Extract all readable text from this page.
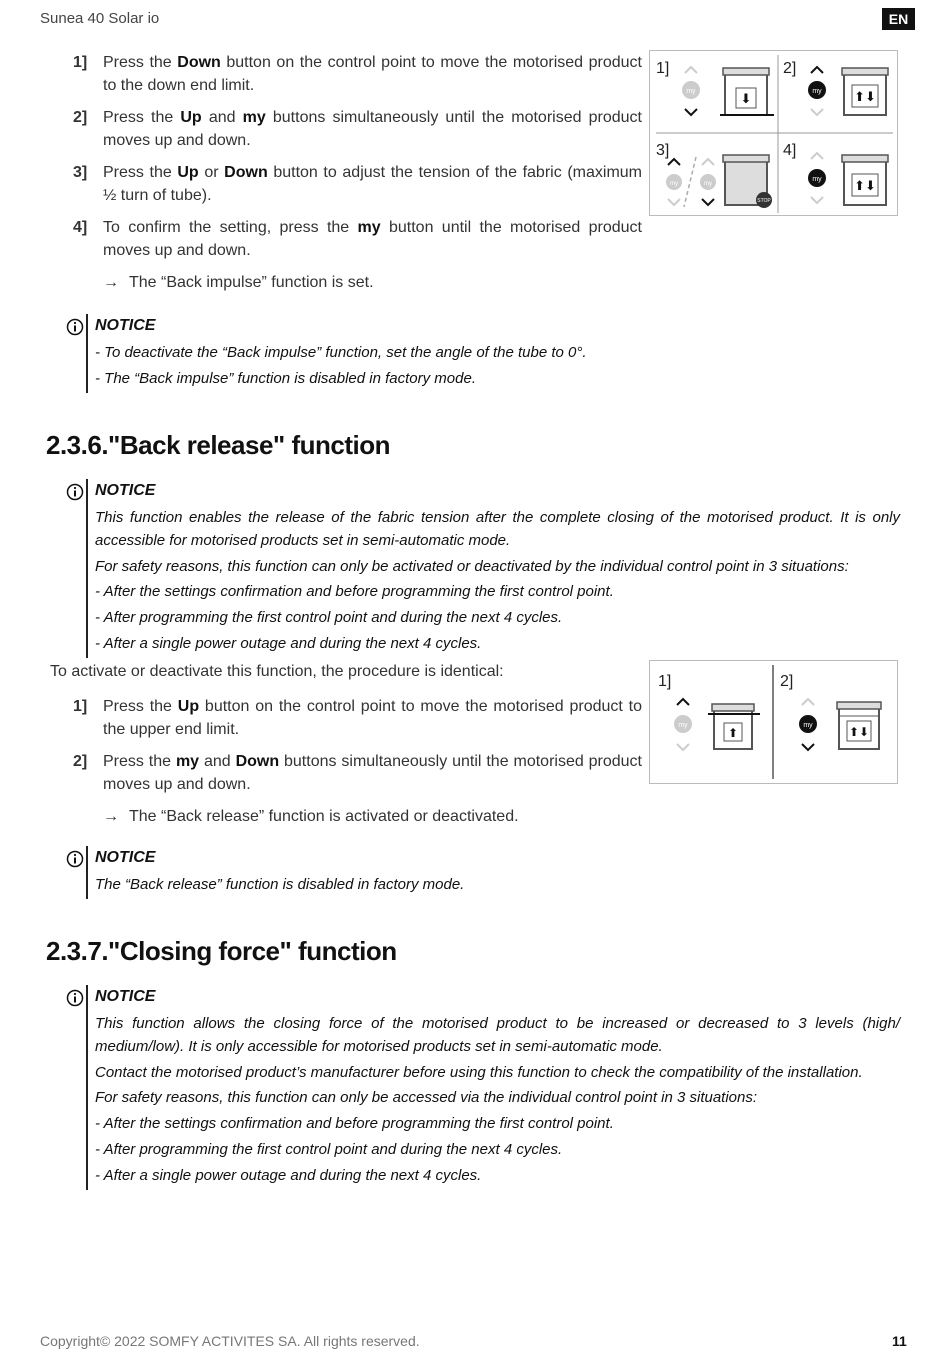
Sunea 40 Solar io	EN
1] Press the Down button on the control point to move the motorised product to the down end limit.
2] Press the Up and my buttons simultaneously until the motorised product moves up and down.
3] Press the Up or Down button to adjust the tension of the fabric (maximum ½ turn of tube).
4] To confirm the setting, press the my button until the motorised product moves up and down.
→ The “Back impulse” function is set.
1]	2]
3]	4]
my	⬇	my ⬆⬇
my	my
STOP
my ⬆⬇
NOTICE
- To deactivate the “Back impulse” function, set the angle of the tube to 0°.
- The “Back impulse” function is disabled in factory mode.
2.3.6."Back release" function
NOTICE
This function enables the release of the fabric tension after the complete closing of the motorised product. It is only accessible for motorised products set in semi-automatic mode.
For safety reasons, this function can only be activated or deactivated by the individual control point in 3 situations:
- After the settings confirmation and before programming the first control point.
- After programming the first control point and during the next 4 cycles.
- After a single power outage and during the next 4 cycles.
To activate or deactivate this function, the procedure is identical:
1] Press the Up button on the control point to move the motorised product to the upper end limit.
2] Press the my and Down buttons simultaneously until the motorised product moves up and down.
→ The “Back release” function is activated or deactivated.
1]	2]
my
⬆
my	⬆⬇
NOTICE
The “Back release” function is disabled in factory mode.
2.3.7."Closing force" function
NOTICE
This function allows the closing force of the motorised product to be increased or decreased to 3 levels (high/ medium/low). It is only accessible for motorised products set in semi-automatic mode.
Contact the motorised product’s manufacturer before using this function to check the compatibility of the installation.
For safety reasons, this function can only be accessed via the individual control point in 3 situations:
- After the settings confirmation and before programming the first control point.
- After programming the first control point and during the next 4 cycles.
- After a single power outage and during the next 4 cycles.
Copyright© 2022 SOMFY ACTIVITES SA. All rights reserved.	11
